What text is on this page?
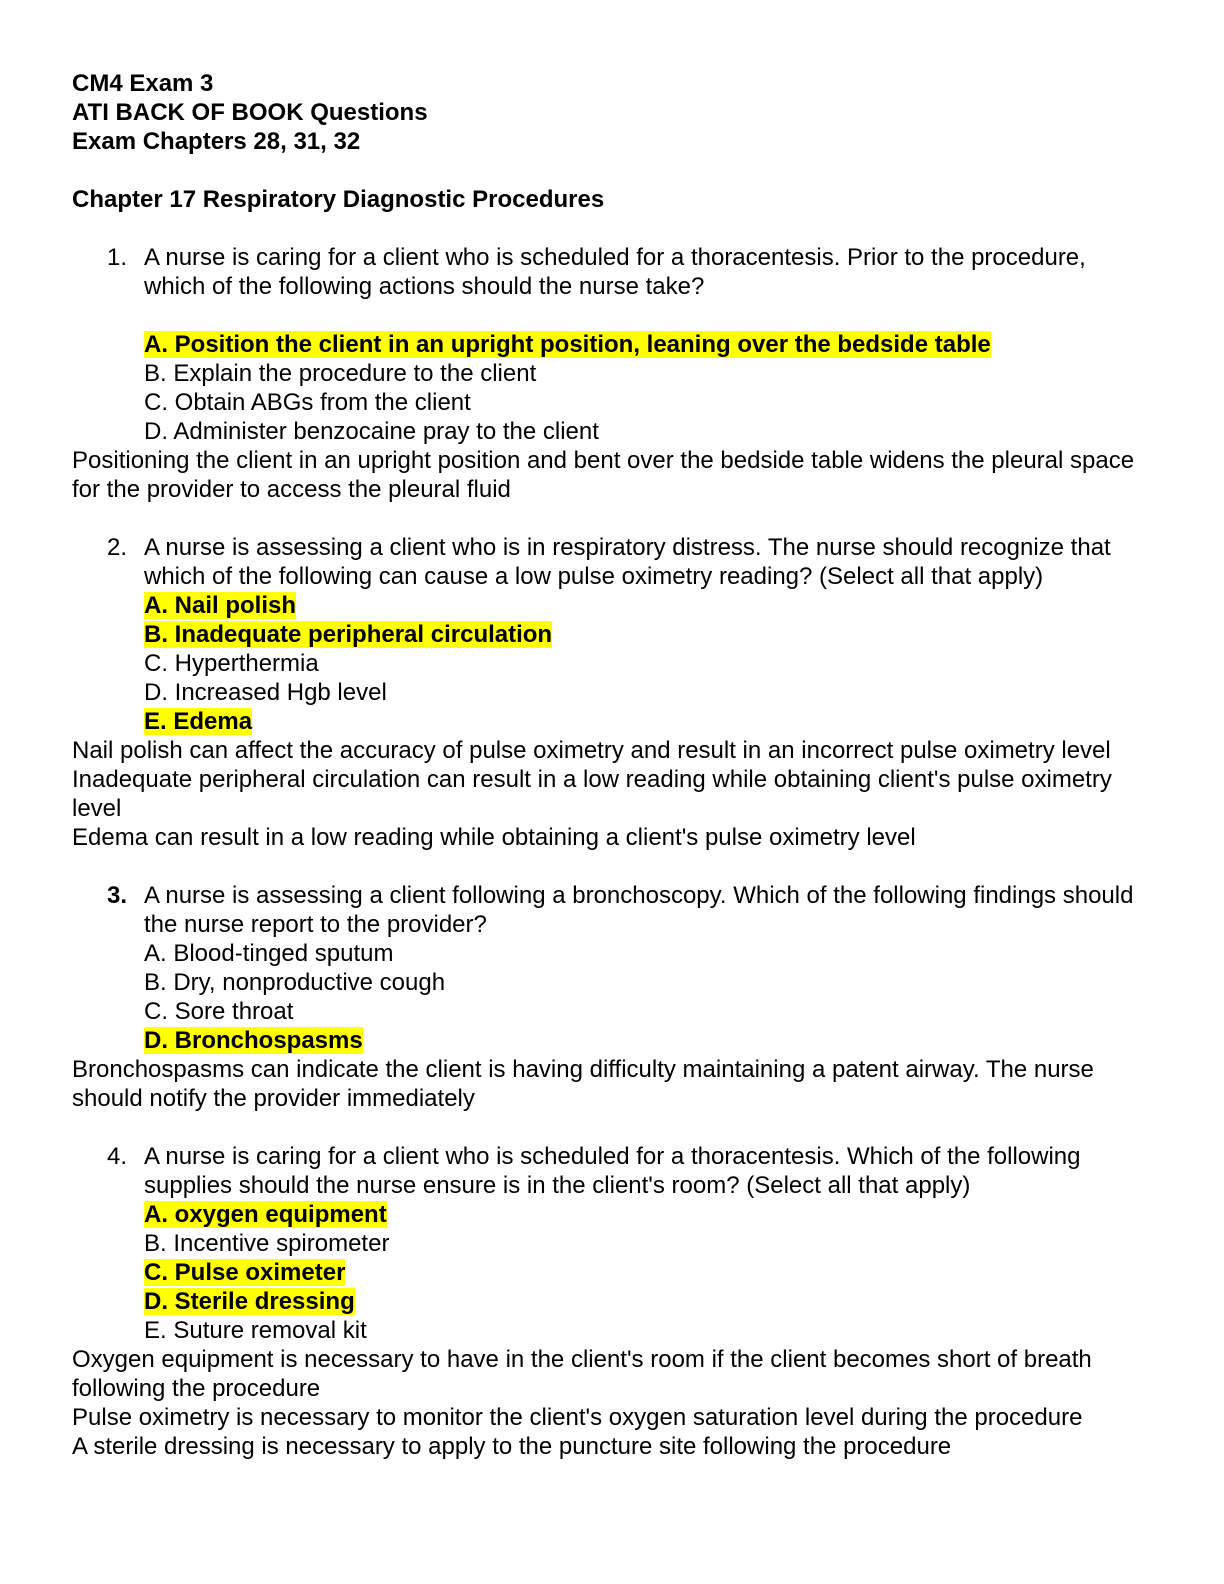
CM4 Exam 3
ATI BACK OF BOOK Questions
Exam Chapters 28, 31, 32
Chapter 17 Respiratory Diagnostic Procedures
1. A nurse is caring for a client who is scheduled for a thoracentesis. Prior to the procedure, which of the following actions should the nurse take?
A. Position the client in an upright position, leaning over the bedside table
B. Explain the procedure to the client
C. Obtain ABGs from the client
D. Administer benzocaine pray to the client
Positioning the client in an upright position and bent over the bedside table widens the pleural space for the provider to access the pleural fluid
2. A nurse is assessing a client who is in respiratory distress. The nurse should recognize that which of the following can cause a low pulse oximetry reading? (Select all that apply)
A. Nail polish
B. Inadequate peripheral circulation
C. Hyperthermia
D. Increased Hgb level
E. Edema
Nail polish can affect the accuracy of pulse oximetry and result in an incorrect pulse oximetry level
Inadequate peripheral circulation can result in a low reading while obtaining client's pulse oximetry level
Edema can result in a low reading while obtaining a client's pulse oximetry level
3. A nurse is assessing a client following a bronchoscopy. Which of the following findings should the nurse report to the provider?
A. Blood-tinged sputum
B. Dry, nonproductive cough
C. Sore throat
D. Bronchospasms
Bronchospasms can indicate the client is having difficulty maintaining a patent airway. The nurse should notify the provider immediately
4. A nurse is caring for a client who is scheduled for a thoracentesis. Which of the following supplies should the nurse ensure is in the client's room? (Select all that apply)
A. oxygen equipment
B. Incentive spirometer
C. Pulse oximeter
D. Sterile dressing
E. Suture removal kit
Oxygen equipment is necessary to have in the client's room if the client becomes short of breath following the procedure
Pulse oximetry is necessary to monitor the client's oxygen saturation level during the procedure
A sterile dressing is necessary to apply to the puncture site following the procedure
